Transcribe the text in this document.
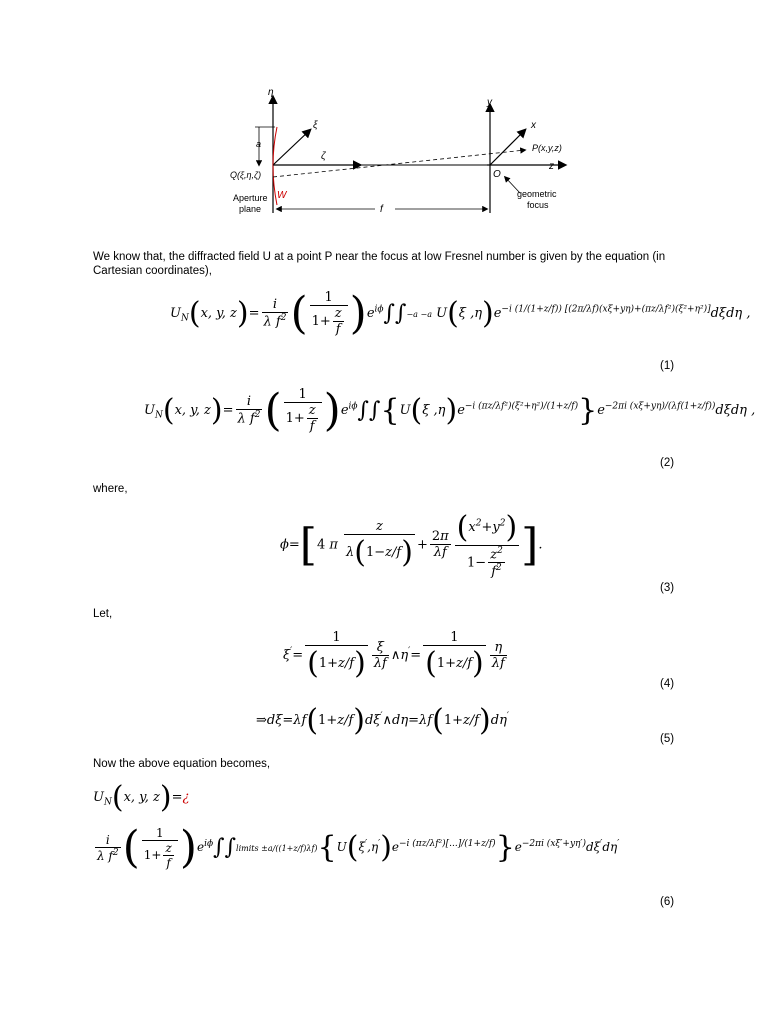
η
ξ
ζ
a
Q(ξ,η,ζ)
W
Aperture
plane	f
y
x
P(x,y,z)
z
O
geometric
focus
We know that, the diffracted field U at a point P near the focus at low Fresnel number is given by the equation (in Cartesian coordinates),
$U_N(x$, y, $z)= \frac{i}{\lambda f^2}$ ( $\frac{1}{1+ \frac{z}{f}} )e^{i\phi}\int\int-a -a$ U(ξ $,\eta)e^{-i (1/(1+z/f)) [(2\pi/\lambda f)(x\xi+y\eta)+(\pi z/\lambda f^2)(\xi^2+\eta^2)]}d\xi d\eta$ ,
(1)
$U_N(x$, y, $z)= \frac{i}{\lambda f^2}$ ( $\frac{1}{1+ \frac{z}{f}} )e^{i\phi}\int\int\{U(\xi$ $,\eta)e^{-i (\pi z/\lambda f^2)(\xi^2+\eta^2)/(1+z/f)}\}e^{-2\pi i (x\xi+y\eta)/(\lambda f(1+z/f))}d\xi d\eta$ ,
(2)
where,
ϕ=[4 π $\frac{z}{\lambda(1-z/f)} + \frac{2\pi}{\lambda f} \frac{(x^2+y^2)}{1- \frac{z^2}{f^2}}$ ].
(3)
Let,
$\xi'= \frac{1}{(1+z/f)} \frac{\xi}{\lambda f}$ ∧η′= $\frac{1}{(1+z/f)} \frac{\eta}{\lambda f}$
(4)
⇒dξ=λf(1+z/f)dξ′∧dη=λf(1+z/f)dη′
(5)
Now the above equation becomes,
$U_N(x$, y, z)=¿
$\frac{i}{\lambda f^2}$ ( $\frac{1}{1+ \frac{z}{f}}$ )$e^{i\phi}\int\int limits \pm a/((1+z/f)\lambda f)\{U(\xi',\eta')e^{-i (\pi z/\lambda f^2)[...]/(1+z/f)}\}e^{-2\pi i (x\xi'+y\eta')}d\xi'd\eta'$
(6)
